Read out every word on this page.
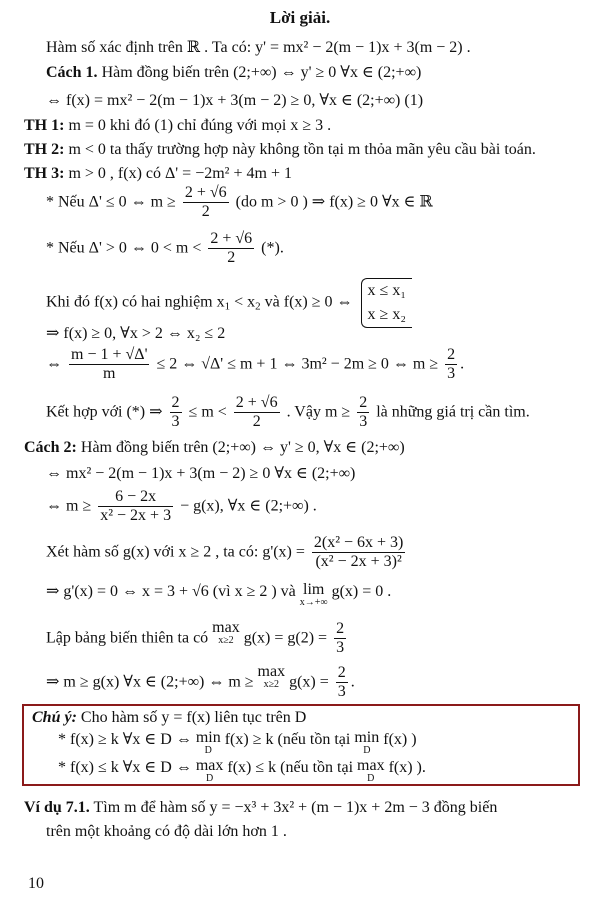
Lời giải.
Hàm số xác định trên ℝ . Ta có: y' = mx² − 2(m − 1)x + 3(m − 2) .
Cách 1. Hàm đồng biến trên (2;+∞) ⇔ y' ≥ 0 ∀x ∈ (2;+∞)
⇔ f(x) = mx² − 2(m − 1)x + 3(m − 2) ≥ 0, ∀x ∈ (2;+∞) (1)
TH 1: m = 0 khi đó (1) chỉ đúng với mọi x ≥ 3 .
TH 2: m < 0 ta thấy trường hợp này không tồn tại m thỏa mãn yêu cầu bài toán.
TH 3: m > 0 , f(x) có Δ' = −2m² + 4m + 1
* Nếu Δ' ≤ 0 ⇔ $m \ge \frac{2 + √6}{2} (do$ m > 0 ) ⇒ f(x) ≥ 0 ∀x ∈ ℝ
* Nếu Δ' > 0 ⇔ $0 < m < \frac{2 + √6}{2}$ (*).
Khi đó f(x) có hai nghiệm $x_1 < x_2$ và f(x) ≥ 0 ⇔
x ≤ x₁
x ≥ x₂
⇒ f(x) ≥ 0, ∀x > 2 ⇔ x₂ ≤ 2
⇔ $\frac{m - 1 + √\Delta'}{m} \le 2$ ⇔ √Δ' ≤ m + 1 ⇔ 3m² − 2m ≥ 0 ⇔ $m \ge \frac{2}{3}$ .
Kết hợp với (*) ⇒ $\frac{2}{3} \le m < \frac{2 + √6}{2}$ . Vậy $m \ge \frac{2}{3}$ là những giá trị cần tìm.
Cách 2: Hàm đồng biến trên (2;+∞) ⇔ y' ≥ 0, ∀x ∈ (2;+∞)
⇔ mx² − 2(m − 1)x + 3(m − 2) ≥ 0 ∀x ∈ (2;+∞)
⇔ $m \ge \frac{6 - 2x}{\text{x² − 2x + 3}} - g(x)$, ∀x ∈ (2;+∞) .
Xét hàm số g(x) với x ≥ 2 , ta có: $g'(x) = \frac{\text{2(x² − 6x + 3)}}{\text{(x² − 2x + 3)²}}$
⇒ g'(x) = 0 ⇔ x = 3 + √6 (vì x ≥ 2 ) và lim
x→+∞
g(x) = 0 .
Lập bảng biến thiên ta có max
x≥2 $g(x) = g(2) = \frac{2}{3}$
⇒ m ≥ g(x) ∀x ∈ (2;+∞) ⇔ m ≥ max
x≥2 $g(x) = \frac{2}{3}$ .
Chú ý: Cho hàm số y = f(x) liên tục trên D
* f(x) ≥ k ∀x ∈ D ⇔ min
D
f(x) ≥ k (nếu tồn tại min
D
f(x) )
* f(x) ≤ k ∀x ∈ D ⇔ max
D
f(x) ≤ k (nếu tồn tại max
D
f(x) ).
Ví dụ 7.1. Tìm m để hàm số y = −x³ + 3x² + (m − 1)x + 2m − 3 đồng biến
trên một khoảng có độ dài lớn hơn 1 .
10
